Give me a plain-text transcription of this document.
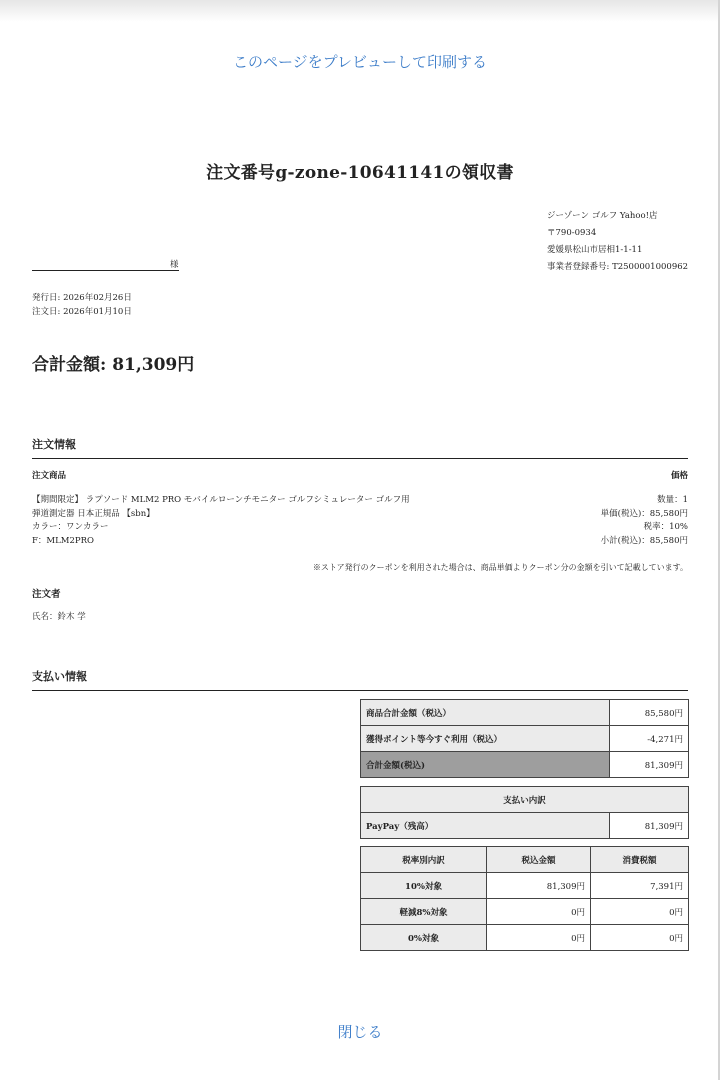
このページをプレビューして印刷する
注文番号g-zone-10641141の領収書
ジーゾーン ゴルフ Yahoo!店
〒790-0934
愛媛県松山市居相1-1-11
事業者登録番号: T2500001000962
様
発行日: 2026年02月26日
注文日: 2026年01月10日
合計金額: 81,309円
注文情報
注文商品	価格
【期間限定】 ラプソード MLM2 PRO モバイルローンチモニター ゴルフシミュレーター ゴルフ用
弾道測定器 日本正規品 【sbn】
カラー：ワンカラー
F：MLM2PRO
数量：1
単価(税込)：85,580円
税率：10%
小計(税込)：85,580円
※ストア発行のクーポンを利用された場合は、商品単価よりクーポン分の金額を引いて記載しています。
注文者
氏名：鈴木 学
支払い情報
商品合計金額（税込）	85,580円
獲得ポイント等今すぐ利用（税込）	-4,271円
合計金額(税込)	81,309円
支払い内訳
PayPay（残高）	81,309円
税率別内訳	税込金額	消費税額
10%対象	81,309円	7,391円
軽減8%対象	0円	0円
0%対象	0円	0円
閉じる
